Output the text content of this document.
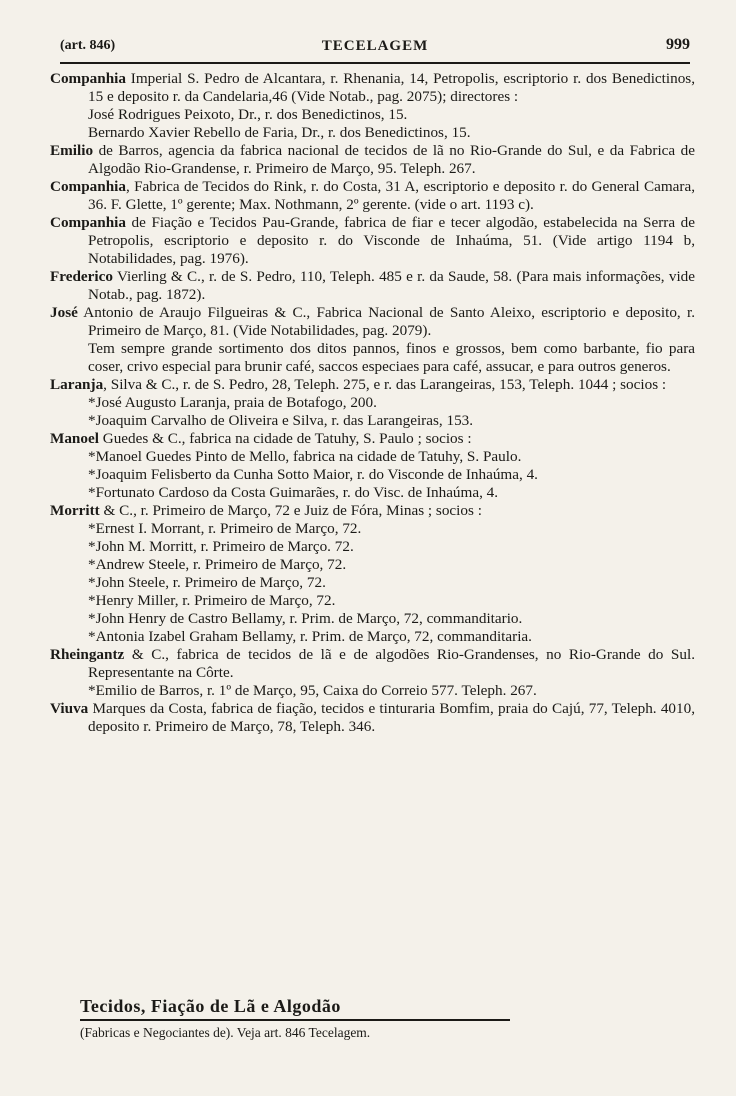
(art. 846)	TECELAGEM	999

Companhia Imperial S. Pedro de Alcantara, r. Rhenania, 14, Petropolis, escriptorio r. dos Benedictinos, 15 e deposito r. da Candelaria,46 (Vide Notab., pag. 2075); directores :

José Rodrigues Peixoto, Dr., r. dos Benedictinos, 15.

Bernardo Xavier Rebello de Faria, Dr., r. dos Benedictinos, 15.

Emilio de Barros, agencia da fabrica nacional de tecidos de lã no Rio-Grande do Sul, e da Fabrica de Algodão Rio-Grandense, r. Primeiro de Março, 95. Teleph. 267.

Companhia, Fabrica de Tecidos do Rink, r. do Costa, 31 A, escriptorio e deposito r. do General Camara, 36. F. Glette, 1º gerente; Max. Nothmann, 2º gerente. (vide o art. 1193 c).

Companhia de Fiação e Tecidos Pau-Grande, fabrica de fiar e tecer algodão, estabelecida na Serra de Petropolis, escriptorio e deposito r. do Visconde de Inhaúma, 51. (Vide artigo 1194 b, Notabilidades, pag. 1976).

Frederico Vierling & C., r. de S. Pedro, 110, Teleph. 485 e r. da Saude, 58. (Para mais informações, vide Notab., pag. 1872).

José Antonio de Araujo Filgueiras & C., Fabrica Nacional de Santo Aleixo, escriptorio e deposito, r. Primeiro de Março, 81. (Vide Notabilidades, pag. 2079).

Tem sempre grande sortimento dos ditos pannos, finos e grossos, bem como barbante, fio para coser, crivo especial para brunir café, saccos especiaes para café, assucar, e para outros generos.

Laranja, Silva & C., r. de S. Pedro, 28, Teleph. 275, e r. das Larangeiras, 153, Teleph. 1044 ; socios :

*José Augusto Laranja, praia de Botafogo, 200.

*Joaquim Carvalho de Oliveira e Silva, r. das Larangeiras, 153.

Manoel Guedes & C., fabrica na cidade de Tatuhy, S. Paulo ; socios :

*Manoel Guedes Pinto de Mello, fabrica na cidade de Tatuhy, S. Paulo.

*Joaquim Felisberto da Cunha Sotto Maior, r. do Visconde de Inhaúma, 4.

*Fortunato Cardoso da Costa Guimarães, r. do Visc. de Inhaúma, 4.

Morritt & C., r. Primeiro de Março, 72 e Juiz de Fóra, Minas ; socios :

*Ernest I. Morrant, r. Primeiro de Março, 72.

*John M. Morritt, r. Primeiro de Março. 72.

*Andrew Steele, r. Primeiro de Março, 72.

*John Steele, r. Primeiro de Março, 72.

*Henry Miller, r. Primeiro de Março, 72.

*John Henry de Castro Bellamy, r. Prim. de Março, 72, commanditario.

*Antonia Izabel Graham Bellamy, r. Prim. de Março, 72, commanditaria.

Rheingantz & C., fabrica de tecidos de lã e de algodões Rio-Grandenses, no Rio-Grande do Sul. Representante na Côrte.

*Emilio de Barros, r. 1º de Março, 95, Caixa do Correio 577. Teleph. 267.

Viuva Marques da Costa, fabrica de fiação, tecidos e tinturaria Bomfim, praia do Cajú, 77, Teleph. 4010, deposito r. Primeiro de Março, 78, Teleph. 346.

Tecidos, Fiação de Lã e Algodão
(Fabricas e Negociantes de). Veja art. 846 Tecelagem.
